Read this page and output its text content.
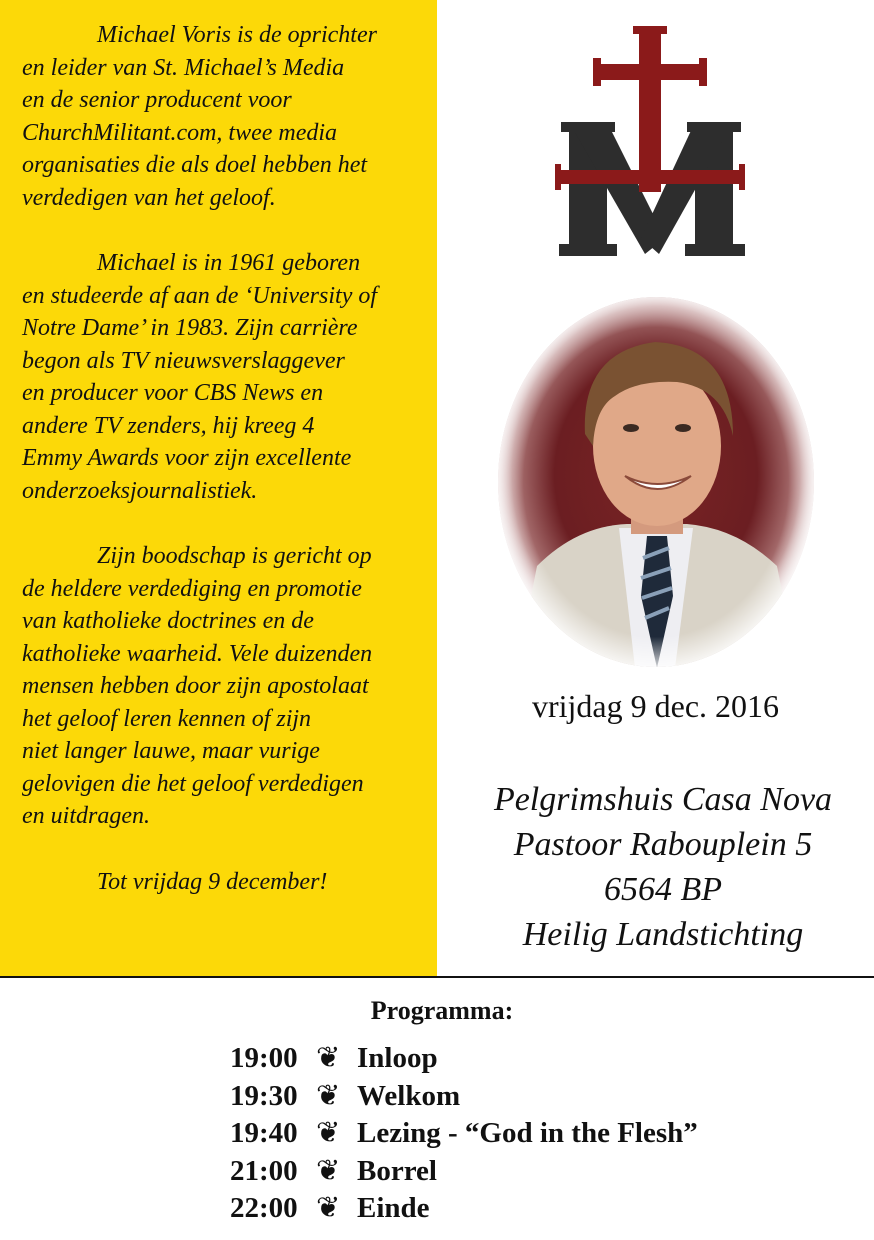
Michael Voris is de oprichter
en leider van St. Michael’s Media
en de senior producent voor
ChurchMilitant.com, twee media
organisaties die als doel hebben het
verdedigen van het geloof.

Michael is in 1961 geboren
en studeerde af aan de ‘University of
Notre Dame’ in 1983. Zijn carrière
begon als TV nieuwsverslaggever
en producer voor CBS News en
andere TV zenders, hij kreeg 4
Emmy Awards voor zijn excellente
onderzoeksjournalistiek.

Zijn boodschap is gericht op
de heldere verdediging en promotie
van katholieke doctrines en de
katholieke waarheid. Vele duizenden
mensen hebben door zijn apostolaat
het geloof leren kennen of zijn
niet langer lauwe, maar vurige
gelovigen die het geloof verdedigen
en uitdragen.

Tot vrijdag 9 december!

vrijdag 9 dec. 2016
Pelgrimshuis Casa Nova
Pastoor Rabouplein 5
6564 BP
Heilig Landstichting
Programma:
19:00 ❦ Inloop
19:30 ❦ Welkom
19:40 ❦ Lezing - “God in the Flesh”
21:00 ❦ Borrel
22:00 ❦ Einde
